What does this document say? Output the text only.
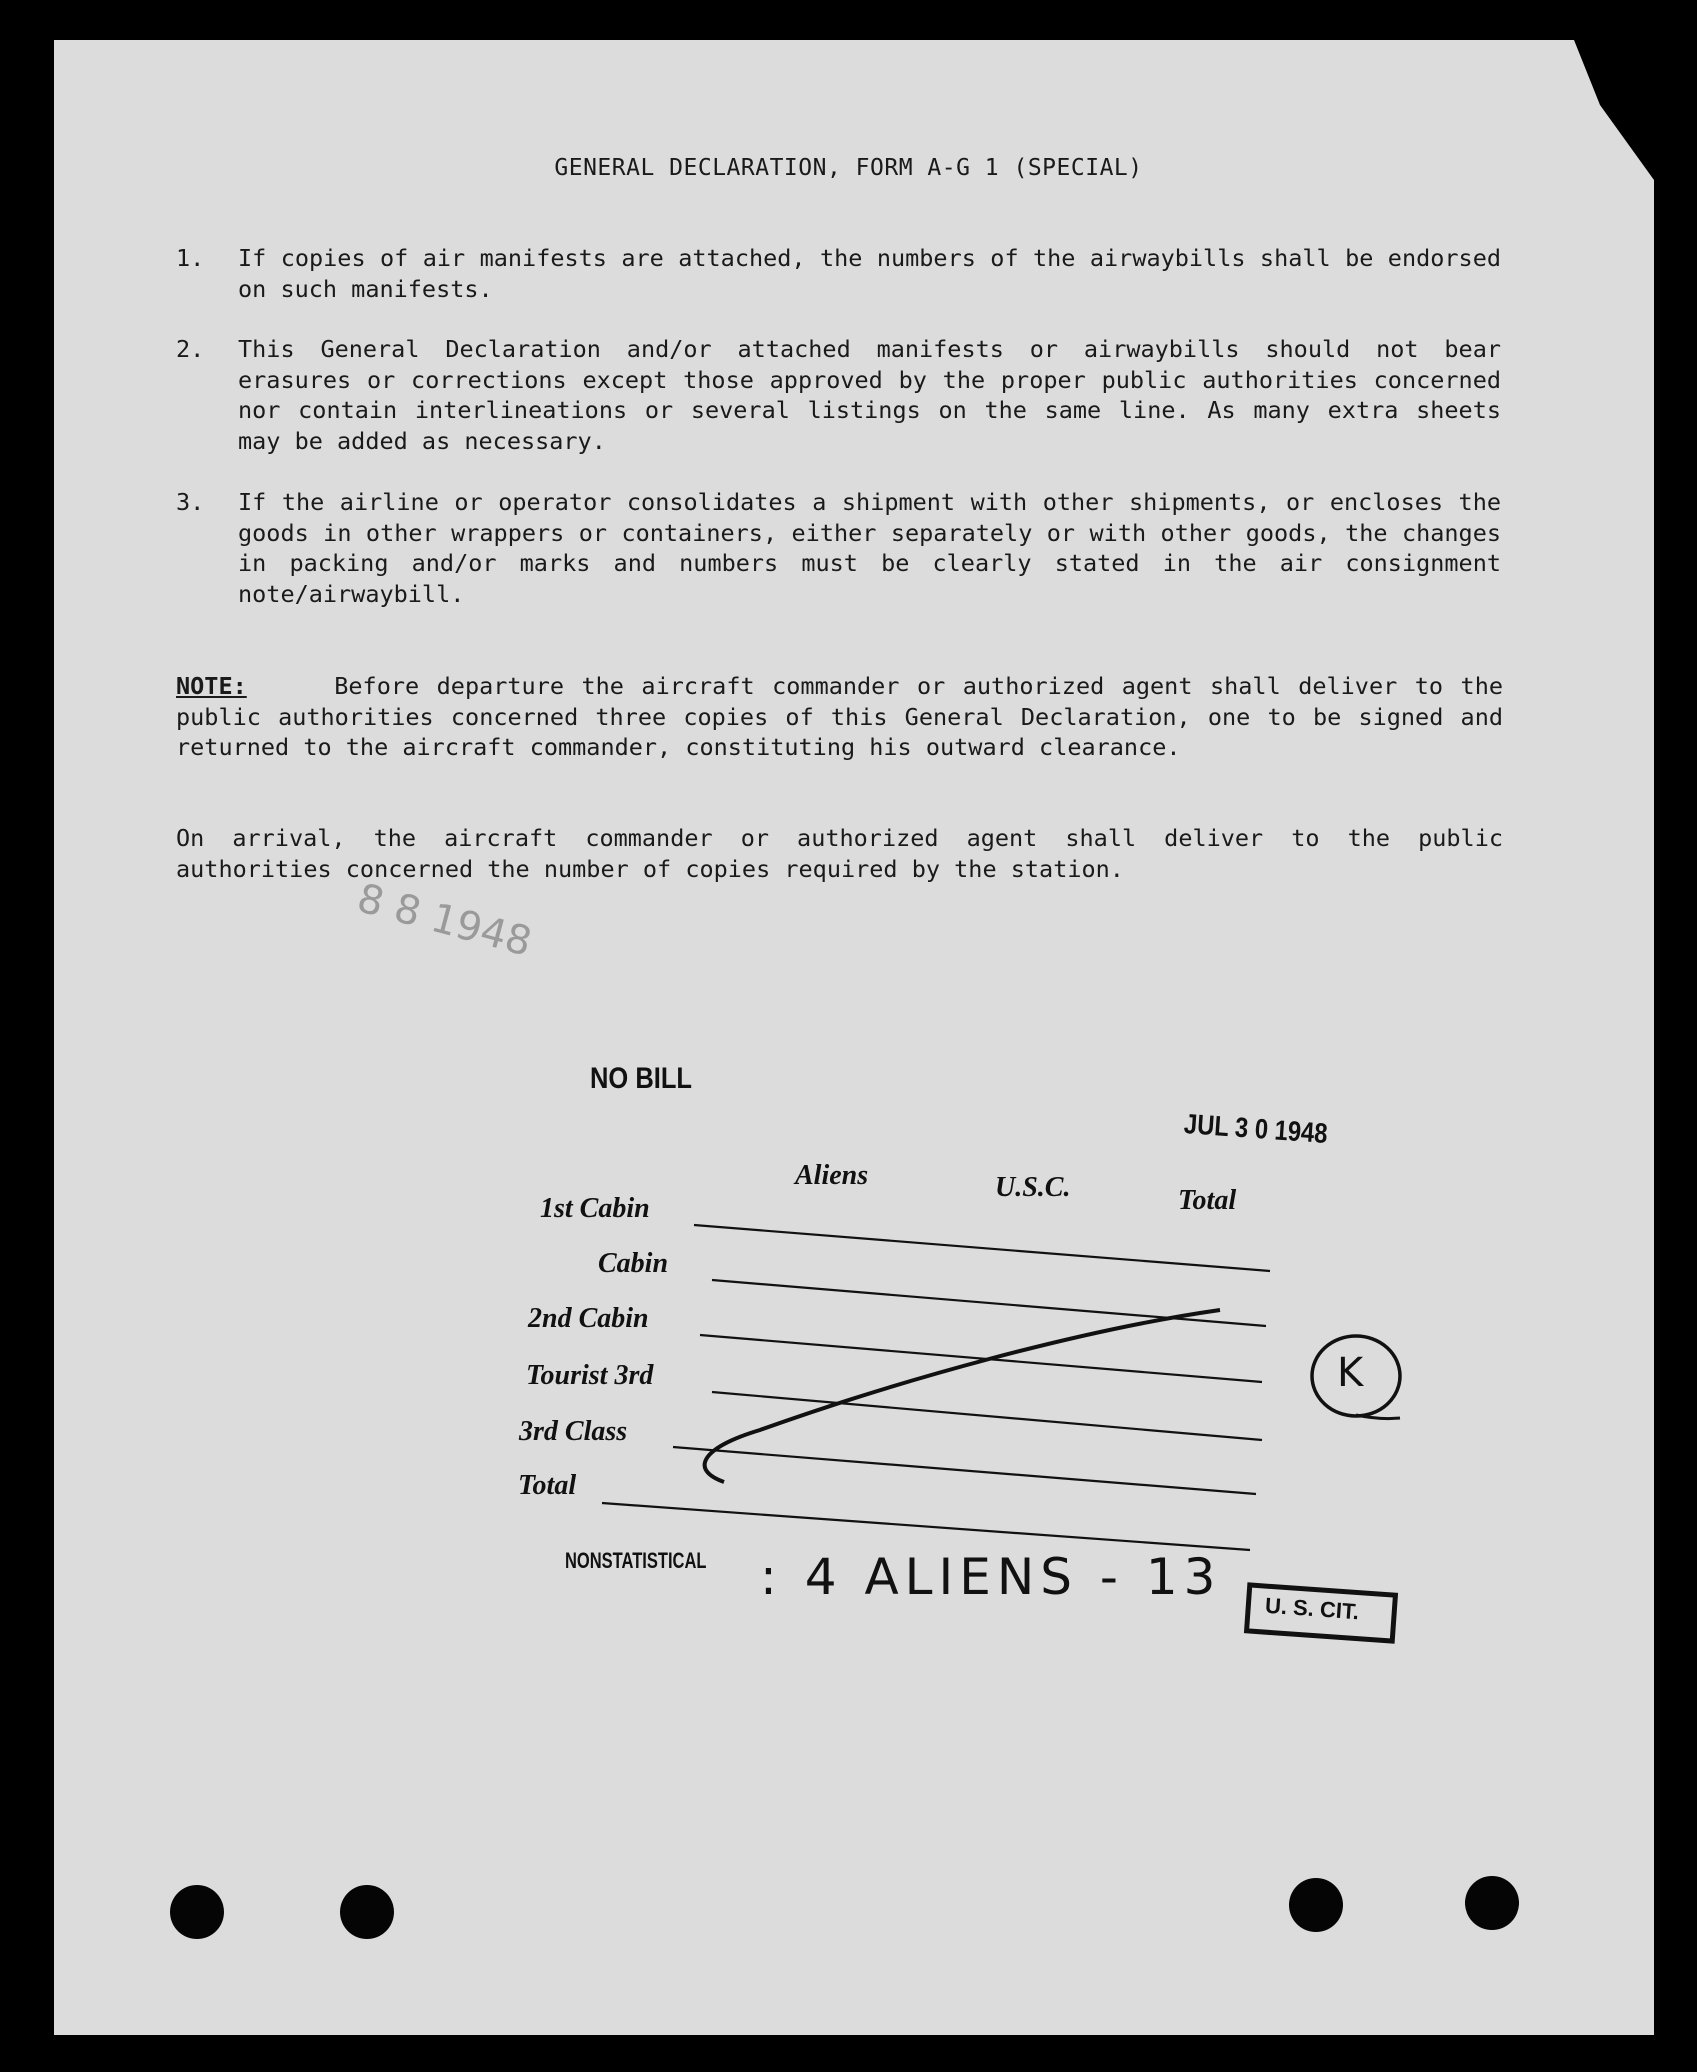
GENERAL DECLARATION, FORM A-G 1 (SPECIAL)
1.	If copies of air manifests are attached, the numbers of the airwaybills shall be endorsed on such manifests.
2.	This General Declaration and/or attached manifests or airwaybills should not bear erasures or corrections except those approved by the proper public authorities concerned nor contain interlineations or several listings on the same line. As many extra sheets may be added as necessary.
3.	If the airline or operator consolidates a shipment with other shipments, or encloses the goods in other wrappers or containers, either separately or with other goods, the changes in packing and/or marks and numbers must be clearly stated in the air consignment note/airwaybill.
NOTE:	Before departure the aircraft commander or authorized agent shall deliver to the public authorities concerned three copies of this General Declaration, one to be signed and returned to the aircraft commander, constituting his outward clearance.
On arrival, the aircraft commander or authorized agent shall deliver to the public authorities concerned the number of copies required by the station.
NO BILL
JUL 3 0 1948
Aliens	U.S.C.	Total
1st Cabin
Cabin
2nd Cabin
Tourist 3rd
3rd Class
Total
8 8 1948
U. S. CIT.
NONSTATISTICAL : 4 ALIENS - 13
K
